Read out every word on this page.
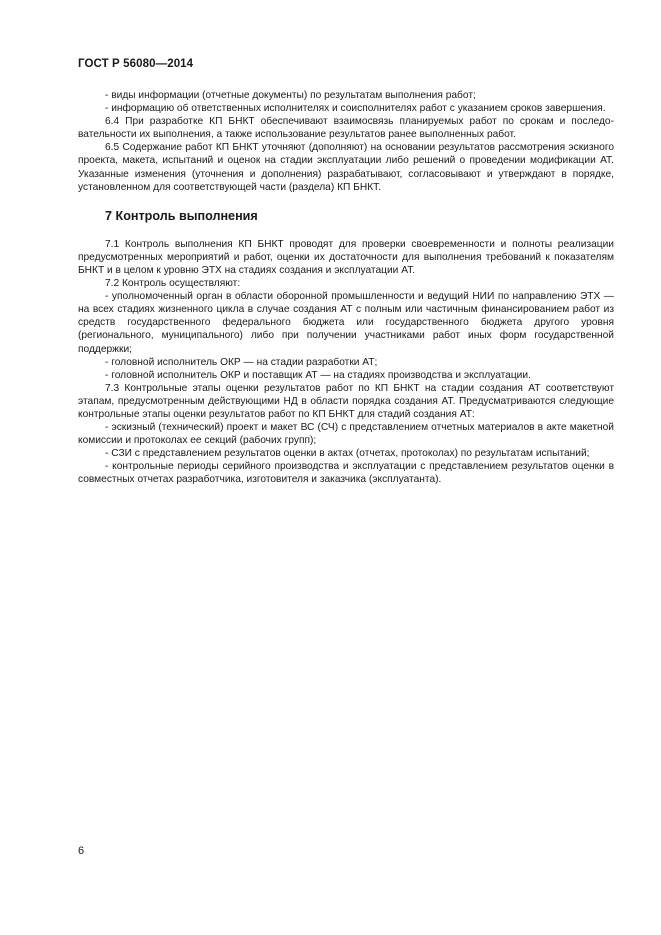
ГОСТ Р 56080—2014

- виды информации (отчетные документы) по результатам выполнения работ;

- информацию об ответственных исполнителях и соисполнителях работ с указанием сроков завершения.

6.4 При разработке КП БНКТ обеспечивают взаимосвязь планируемых работ по срокам и последовательности их выполнения, а также использование результатов ранее выполненных работ.

6.5 Содержание работ КП БНКТ уточняют (дополняют) на основании результатов рассмотрения эскизного проекта, макета, испытаний и оценок на стадии эксплуатации либо решений о проведении модификации АТ. Указанные изменения (уточнения и дополнения) разрабатывают, согласовывают и утверждают в порядке, установленном для соответствующей части (раздела) КП БНКТ.

7 Контроль выполнения

7.1 Контроль выполнения КП БНКТ проводят для проверки своевременности и полноты реализации предусмотренных мероприятий и работ, оценки их достаточности для выполнения требований к показателям БНКТ и в целом к уровню ЭТХ на стадиях создания и эксплуатации АТ.

7.2 Контроль осуществляют:

- уполномоченный орган в области оборонной промышленности и ведущий НИИ по направлению ЭТХ — на всех стадиях жизненного цикла в случае создания АТ с полным или частичным финансированием работ из средств государственного федерального бюджета или государственного бюджета другого уровня (регионального, муниципального) либо при получении участниками работ иных форм государственной поддержки;

- головной исполнитель ОКР — на стадии разработки АТ;

- головной исполнитель ОКР и поставщик АТ — на стадиях производства и эксплуатации.

7.3 Контрольные этапы оценки результатов работ по КП БНКТ на стадии создания АТ соответствуют этапам, предусмотренным действующими НД в области порядка создания АТ. Предусматриваются следующие контрольные этапы оценки результатов работ по КП БНКТ для стадий создания АТ:

- эскизный (технический) проект и макет ВС (СЧ) с представлением отчетных материалов в акте макетной комиссии и протоколах ее секций (рабочих групп);

- СЗИ с представлением результатов оценки в актах (отчетах, протоколах) по результатам испытаний;

- контрольные периоды серийного производства и эксплуатации с представлением результатов оценки в совместных отчетах разработчика, изготовителя и заказчика (эксплуатанта).

6
